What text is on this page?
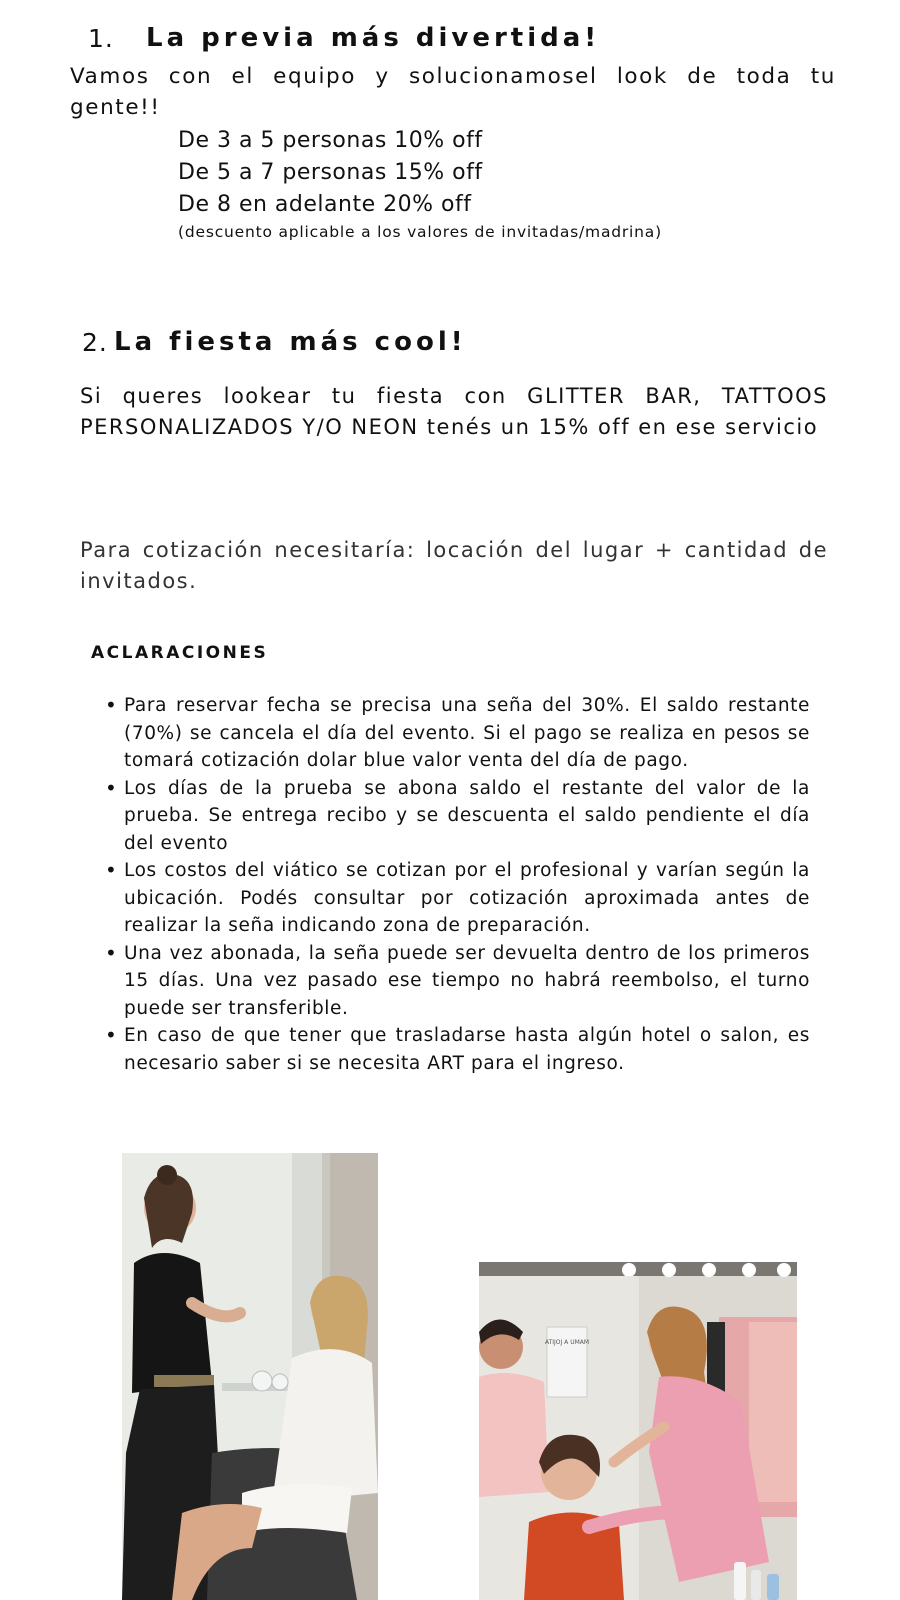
1. La previa más divertida!
Vamos con el equipo y solucionamosel look de toda tu gente!!
De 3 a 5 personas 10% off
De 5 a 7 personas 15% off
De 8 en adelante 20% off
(descuento aplicable a los valores de invitadas/madrina)
2. La fiesta más cool!
Si queres lookear tu fiesta con GLITTER BAR, TATTOOS PERSONALIZADOS Y/O NEON tenés un 15% off en ese servicio
Para cotización necesitaría: locación del lugar + cantidad de invitados.
ACLARACIONES
• Para reservar fecha se precisa una seña del 30%. El saldo restante (70%) se cancela el día del evento. Si el pago se realiza en pesos se tomará cotización dolar blue valor venta del día de pago.
• Los días de la prueba se abona saldo el restante del valor de la prueba. Se entrega recibo y se descuenta el saldo pendiente el día del evento
• Los costos del viático se cotizan por el profesional y varían según la ubicación. Podés consultar por cotización aproximada antes de realizar la seña indicando zona de preparación.
• Una vez abonada, la seña puede ser devuelta dentro de los primeros 15 días. Una vez pasado ese tiempo no habrá reembolso, el turno puede ser transferible.
• En caso de que tener que trasladarse hasta algún hotel o salon, es necesario saber si se necesita ART para el ingreso.
ATIJOJ A UMAM
